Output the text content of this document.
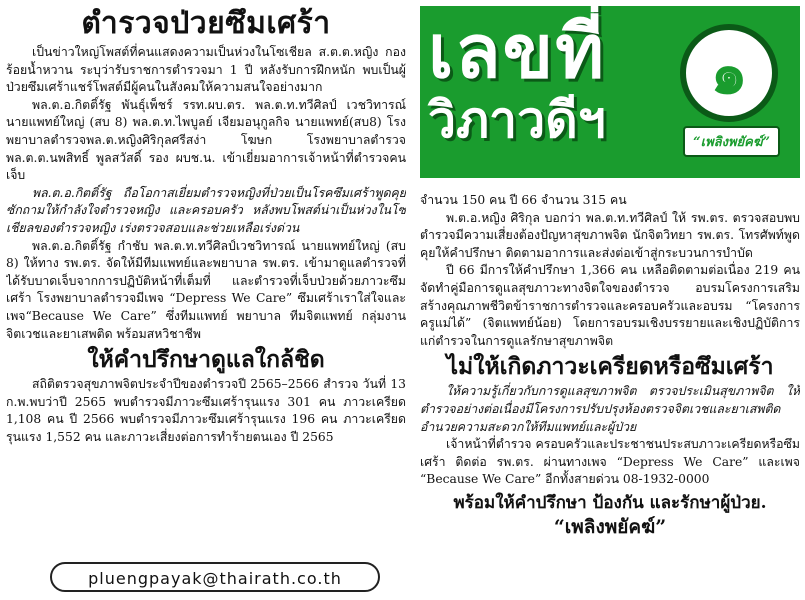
ตำรวจป่วยซึมเศร้า

เป็นข่าวใหญ่โพสต์ที่คนแสดงความเป็นห่วงในโซเชียล ส.ต.ต.หญิง กองร้อยน้ำหวาน ระบุว่ารับราชการตำรวจมา 1 ปี หลังรับการฝึกหนัก พบเป็นผู้ป่วยซึมเศร้าแชร์โพสต์มีผู้คนในสังคมให้ความสนใจอย่างมาก

พล.ต.อ.กิตติ์รัฐ พันธุ์เพ็ชร์ รรท.ผบ.ตร. พล.ต.ท.ทวีศิลป์ เวชวิทารณ์ นายแพทย์ใหญ่ (สบ 8) พล.ต.ท.ไพบูลย์ เจียมอนุกูลกิจ นายแพทย์(สบ8) โรงพยาบาลตำรวจพล.ต.หญิงศิริกุลศรีสง่า โฆษก โรงพยาบาลตำรวจ พล.ต.ต.นพสิทธิ์ พูลสวัสดิ์ รอง ผบช.น. เข้าเยี่ยมอาการเจ้าหน้าที่ตำรวจคนเจ็บ

พล.ต.อ.กิตติ์รัฐ ถือโอกาสเยี่ยมตำรวจหญิงที่ป่วยเป็นโรคซึมเศร้าพูดคุยซักถามให้กำลังใจตำรวจหญิง และครอบครัว หลังพบโพสต์น่าเป็นห่วงในโซเชียลของตำรวจหญิง เร่งตรวจสอบและช่วยเหลือเร่งด่วน

พล.ต.อ.กิตติ์รัฐ กำชับ พล.ต.ท.ทวีศิลป์เวชวิทารณ์ นายแพทย์ใหญ่ (สบ 8) ให้ทาง รพ.ตร. จัดให้มีทีมแพทย์และพยาบาล รพ.ตร. เข้ามาดูแลตำรวจที่ได้รับบาดเจ็บจากการปฏิบัติหน้าที่เต็มที่ และตำรวจที่เจ็บป่วยด้วยภาวะซึมเศร้า โรงพยาบาลตำรวจมีเพจ “Depress We Care” ซึมเศร้าเราใส่ใจและเพจ“Because We Care” ซึ่งทีมแพทย์ พยาบาล ทีมจิตแพทย์ กลุ่มงานจิตเวชและยาเสพติด พร้อมสหวิชาชีพ

ให้คำปรึกษาดูแลใกล้ชิด

สถิติตรวจสุขภาพจิตประจำปีของตำรวจปี 2565–2566 สำรวจ วันที่ 13 ก.พ.พบว่าปี 2565 พบตำรวจมีภาวะซึมเศร้ารุนแรง 301 คน ภาวะเครียด 1,108 คน ปี 2566 พบตำรวจมีภาวะซึมเศร้ารุนแรง 196 คน ภาวะเครียดรุนแรง 1,552 คน และภาวะเสี่ยงต่อการทำร้ายตนเอง ปี 2565

เลขที่ ๑
วิภาวดีฯ	“เพลิงพยัคฆ์”

จำนวน 150 คน ปี 66 จำนวน 315 คน

พ.ต.อ.หญิง ศิริกุล บอกว่า พล.ต.ท.ทวีศิลป์ ให้ รพ.ตร. ตรวจสอบพบตำรวจมีความเสี่ยงต้องปัญหาสุขภาพจิต นักจิตวิทยา รพ.ตร. โทรศัพท์พูดคุยให้คำปรึกษา ติดตามอาการและส่งต่อเข้าสู่กระบวนการบำบัด

ปี 66 มีการให้คำปรึกษา 1,366 คน เหลือติดตามต่อเนื่อง 219 คน จัดทำคู่มือการดูแลสุขภาวะทางจิตใจของตำรวจ อบรมโครงการเสริมสร้างคุณภาพชีวิตข้าราชการตำรวจและครอบครัวและอบรม “โครงการครูแม่ได้” (จิตแพทย์น้อย) โดยการอบรมเชิงบรรยายและเชิงปฏิบัติการ แก่ตำรวจในการดูแลรักษาสุขภาพจิต

ไม่ให้เกิดภาวะเครียดหรือซึมเศร้า

ให้ความรู้เกี่ยวกับการดูแลสุขภาพจิต ตรวจประเมินสุขภาพจิต ให้ตำรวจอย่างต่อเนื่องมีโครงการปรับปรุงห้องตรวจจิตเวชและยาเสพติดอำนวยความสะดวกให้ทีมแพทย์และผู้ป่วย

เจ้าหน้าที่ตำรวจ ครอบครัวและประชาชนประสบภาวะเครียดหรือซึมเศร้า ติดต่อ รพ.ตร. ผ่านทางเพจ “Depress We Care” และเพจ “Because We Care” อีกทั้งสายด่วน 08-1932-0000

พร้อมให้คำปรึกษา ป้องกัน และรักษาผู้ป่วย.
“เพลิงพยัคฆ์”
pluengpayak@thairath.co.th
